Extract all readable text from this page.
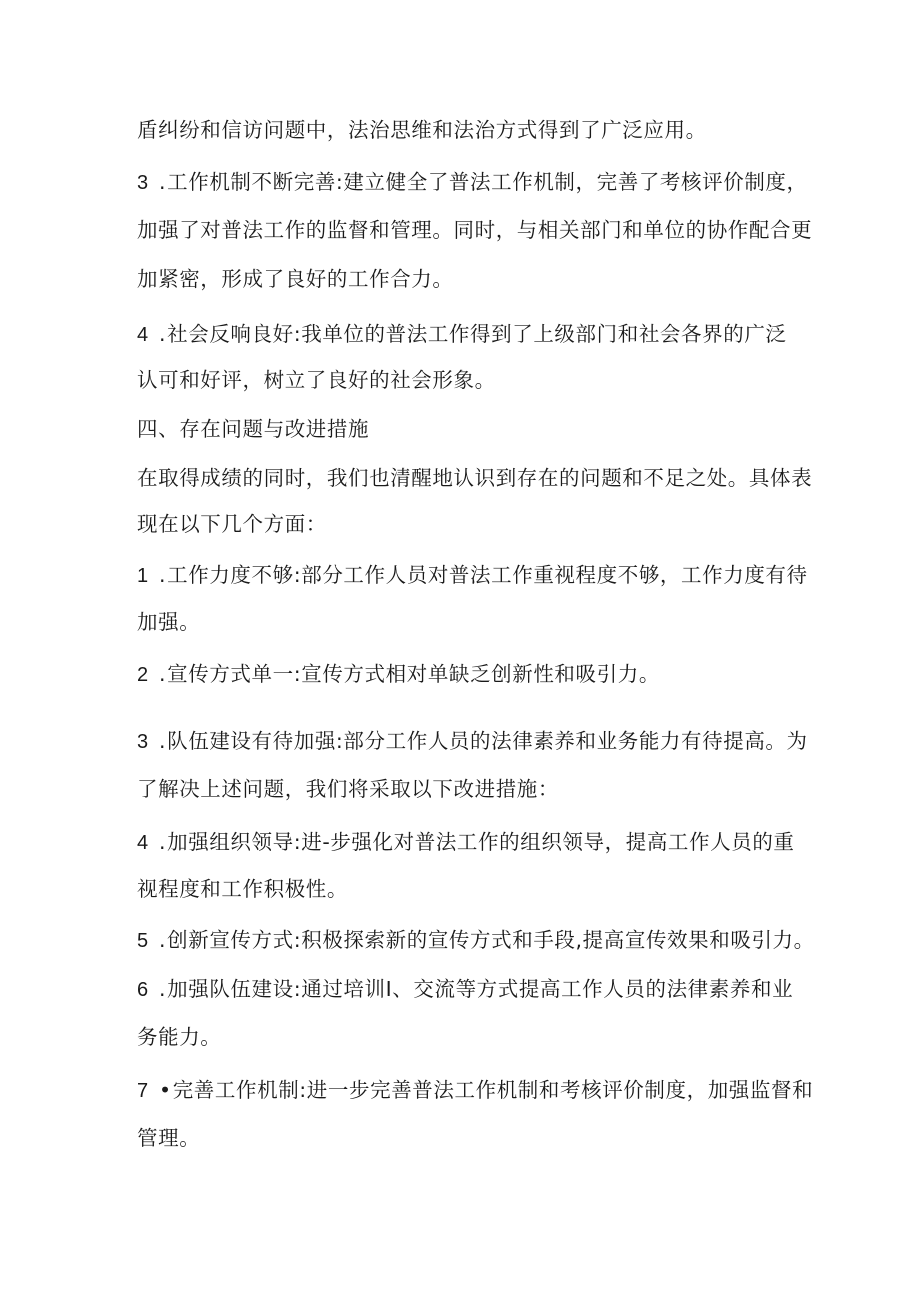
盾纠纷和信访问题中，法治思维和法治方式得到了广泛应用。
3 .工作机制不断完善:建立健全了普法工作机制，完善了考核评价制度，
加强了对普法工作的监督和管理。同时，与相关部门和单位的协作配合更
加紧密，形成了良好的工作合力。
4 .社会反响良好:我单位的普法工作得到了上级部门和社会各界的广泛
认可和好评，树立了良好的社会形象。
四、存在问题与改进措施
在取得成绩的同时，我们也清醒地认识到存在的问题和不足之处。具体表
现在以下几个方面：
1 .工作力度不够:部分工作人员对普法工作重视程度不够，工作力度有待
加强。
2 .宣传方式单一:宣传方式相对单缺乏创新性和吸引力。
3 .队伍建设有待加强:部分工作人员的法律素养和业务能力有待提高。为
了解决上述问题，我们将采取以下改进措施：
4 .加强组织领导:进-步强化对普法工作的组织领导，提高工作人员的重
视程度和工作积极性。
5 .创新宣传方式:积极探索新的宣传方式和手段,提高宣传效果和吸引力。
6 .加强队伍建设:通过培训I、交流等方式提高工作人员的法律素养和业
务能力。
7 •完善工作机制:进一步完善普法工作机制和考核评价制度，加强监督和
管理。
